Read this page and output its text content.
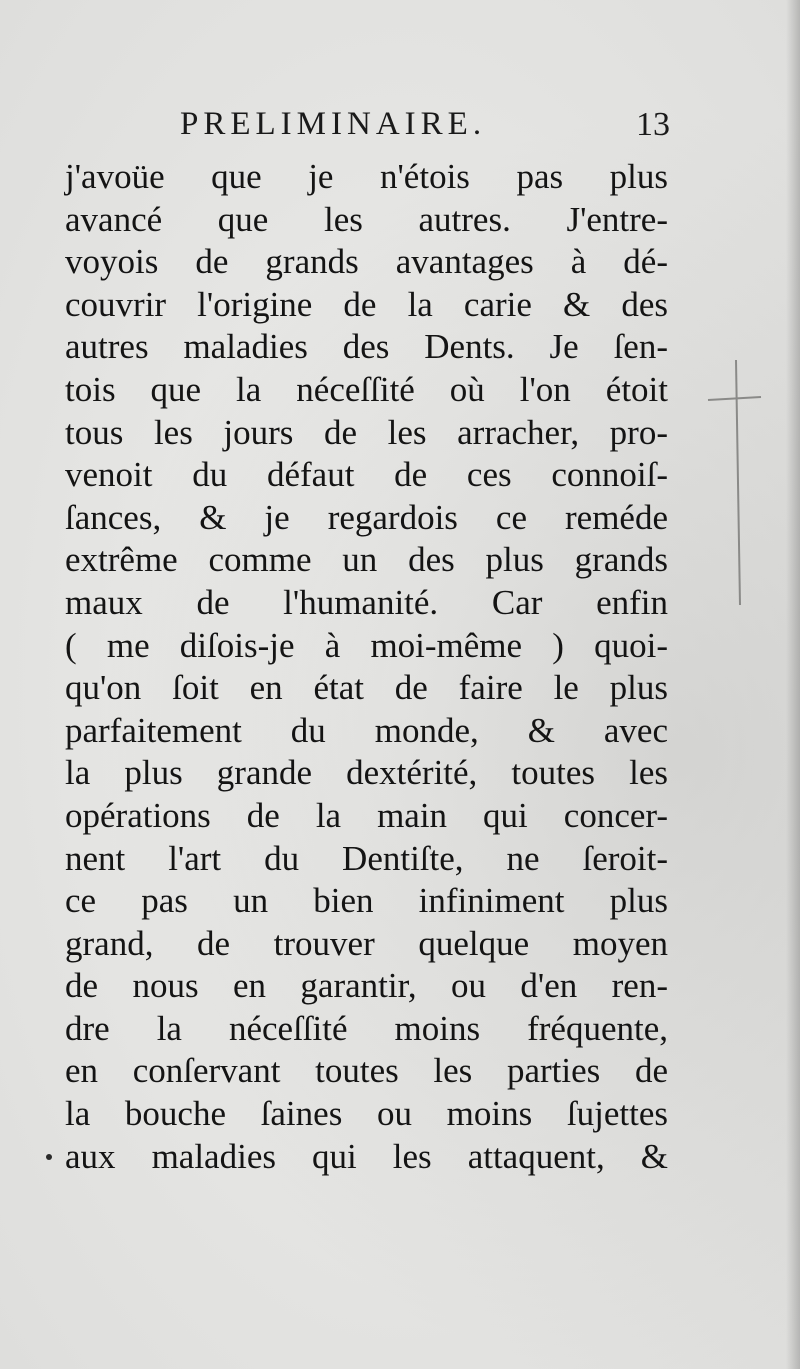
PRELIMINAIRE.	13
j'avoüe que je n'étois pas plus
avancé que les autres. J'entre-
voyois de grands avantages à dé-
couvrir l'origine de la carie & des
autres maladies des Dents. Je ſen-
tois que la néceſſité où l'on étoit
tous les jours de les arracher, pro-
venoit du défaut de ces connoiſ-
ſances, & je regardois ce reméde
extrême comme un des plus grands
maux de l'humanité. Car enfin
( me diſois-je à moi-même ) quoi-
qu'on ſoit en état de faire le plus
parfaitement du monde, & avec
la plus grande dextérité, toutes les
opérations de la main qui concer-
nent l'art du Dentiſte, ne ſeroit-
ce pas un bien infiniment plus
grand, de trouver quelque moyen
de nous en garantir, ou d'en ren-
dre la néceſſité moins fréquente,
en conſervant toutes les parties de
la bouche ſaines ou moins ſujettes
aux maladies qui les attaquent, &
